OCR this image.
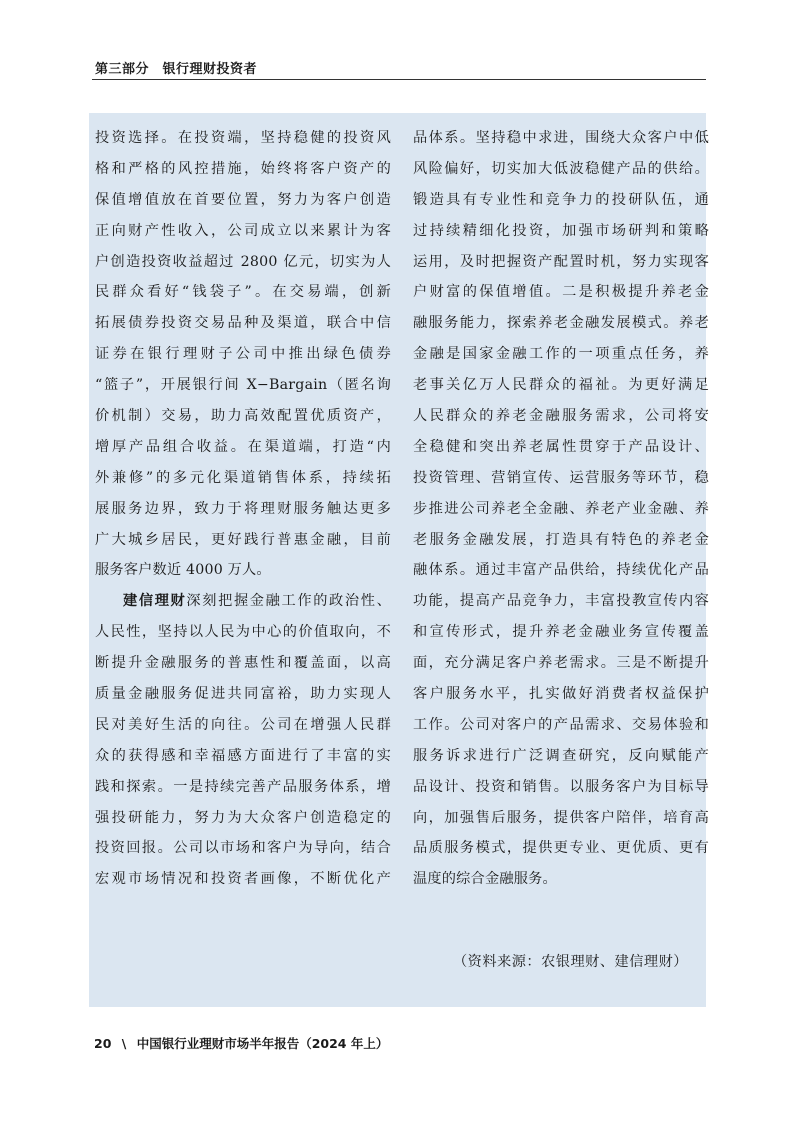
第三部分　银行理财投资者
投资选择。在投资端，坚持稳健的投资风
格和严格的风控措施，始终将客户资产的
保值增值放在首要位置，努力为客户创造
正向财产性收入，公司成立以来累计为客
户创造投资收益超过 2800 亿元，切实为人
民群众看好“钱袋子”。在交易端，创新
拓展债券投资交易品种及渠道，联合中信
证券在银行理财子公司中推出绿色债券
“篮子”，开展银行间 X−Bargain（匿名询
价机制）交易，助力高效配置优质资产，
增厚产品组合收益。在渠道端，打造“内
外兼修”的多元化渠道销售体系，持续拓
展服务边界，致力于将理财服务触达更多
广大城乡居民，更好践行普惠金融，目前
服务客户数近 4000 万人。
建信理财深刻把握金融工作的政治性、
人民性，坚持以人民为中心的价值取向，不
断提升金融服务的普惠性和覆盖面，以高
质量金融服务促进共同富裕，助力实现人
民对美好生活的向往。公司在增强人民群
众的获得感和幸福感方面进行了丰富的实
践和探索。一是持续完善产品服务体系，增
强投研能力，努力为大众客户创造稳定的
投资回报。公司以市场和客户为导向，结合
宏观市场情况和投资者画像，不断优化产
品体系。坚持稳中求进，围绕大众客户中低
风险偏好，切实加大低波稳健产品的供给。
锻造具有专业性和竞争力的投研队伍，通
过持续精细化投资，加强市场研判和策略
运用，及时把握资产配置时机，努力实现客
户财富的保值增值。二是积极提升养老金
融服务能力，探索养老金融发展模式。养老
金融是国家金融工作的一项重点任务，养
老事关亿万人民群众的福祉。为更好满足
人民群众的养老金融服务需求，公司将安
全稳健和突出养老属性贯穿于产品设计、
投资管理、营销宣传、运营服务等环节，稳
步推进公司养老全金融、养老产业金融、养
老服务金融发展，打造具有特色的养老金
融体系。通过丰富产品供给，持续优化产品
功能，提高产品竞争力，丰富投教宣传内容
和宣传形式，提升养老金融业务宣传覆盖
面，充分满足客户养老需求。三是不断提升
客户服务水平，扎实做好消费者权益保护
工作。公司对客户的产品需求、交易体验和
服务诉求进行广泛调查研究，反向赋能产
品设计、投资和销售。以服务客户为目标导
向，加强售后服务，提供客户陪伴，培育高
品质服务模式，提供更专业、更优质、更有
温度的综合金融服务。
（资料来源：农银理财、建信理财）
20 \ 中国银行业理财市场半年报告（2024 年上）
